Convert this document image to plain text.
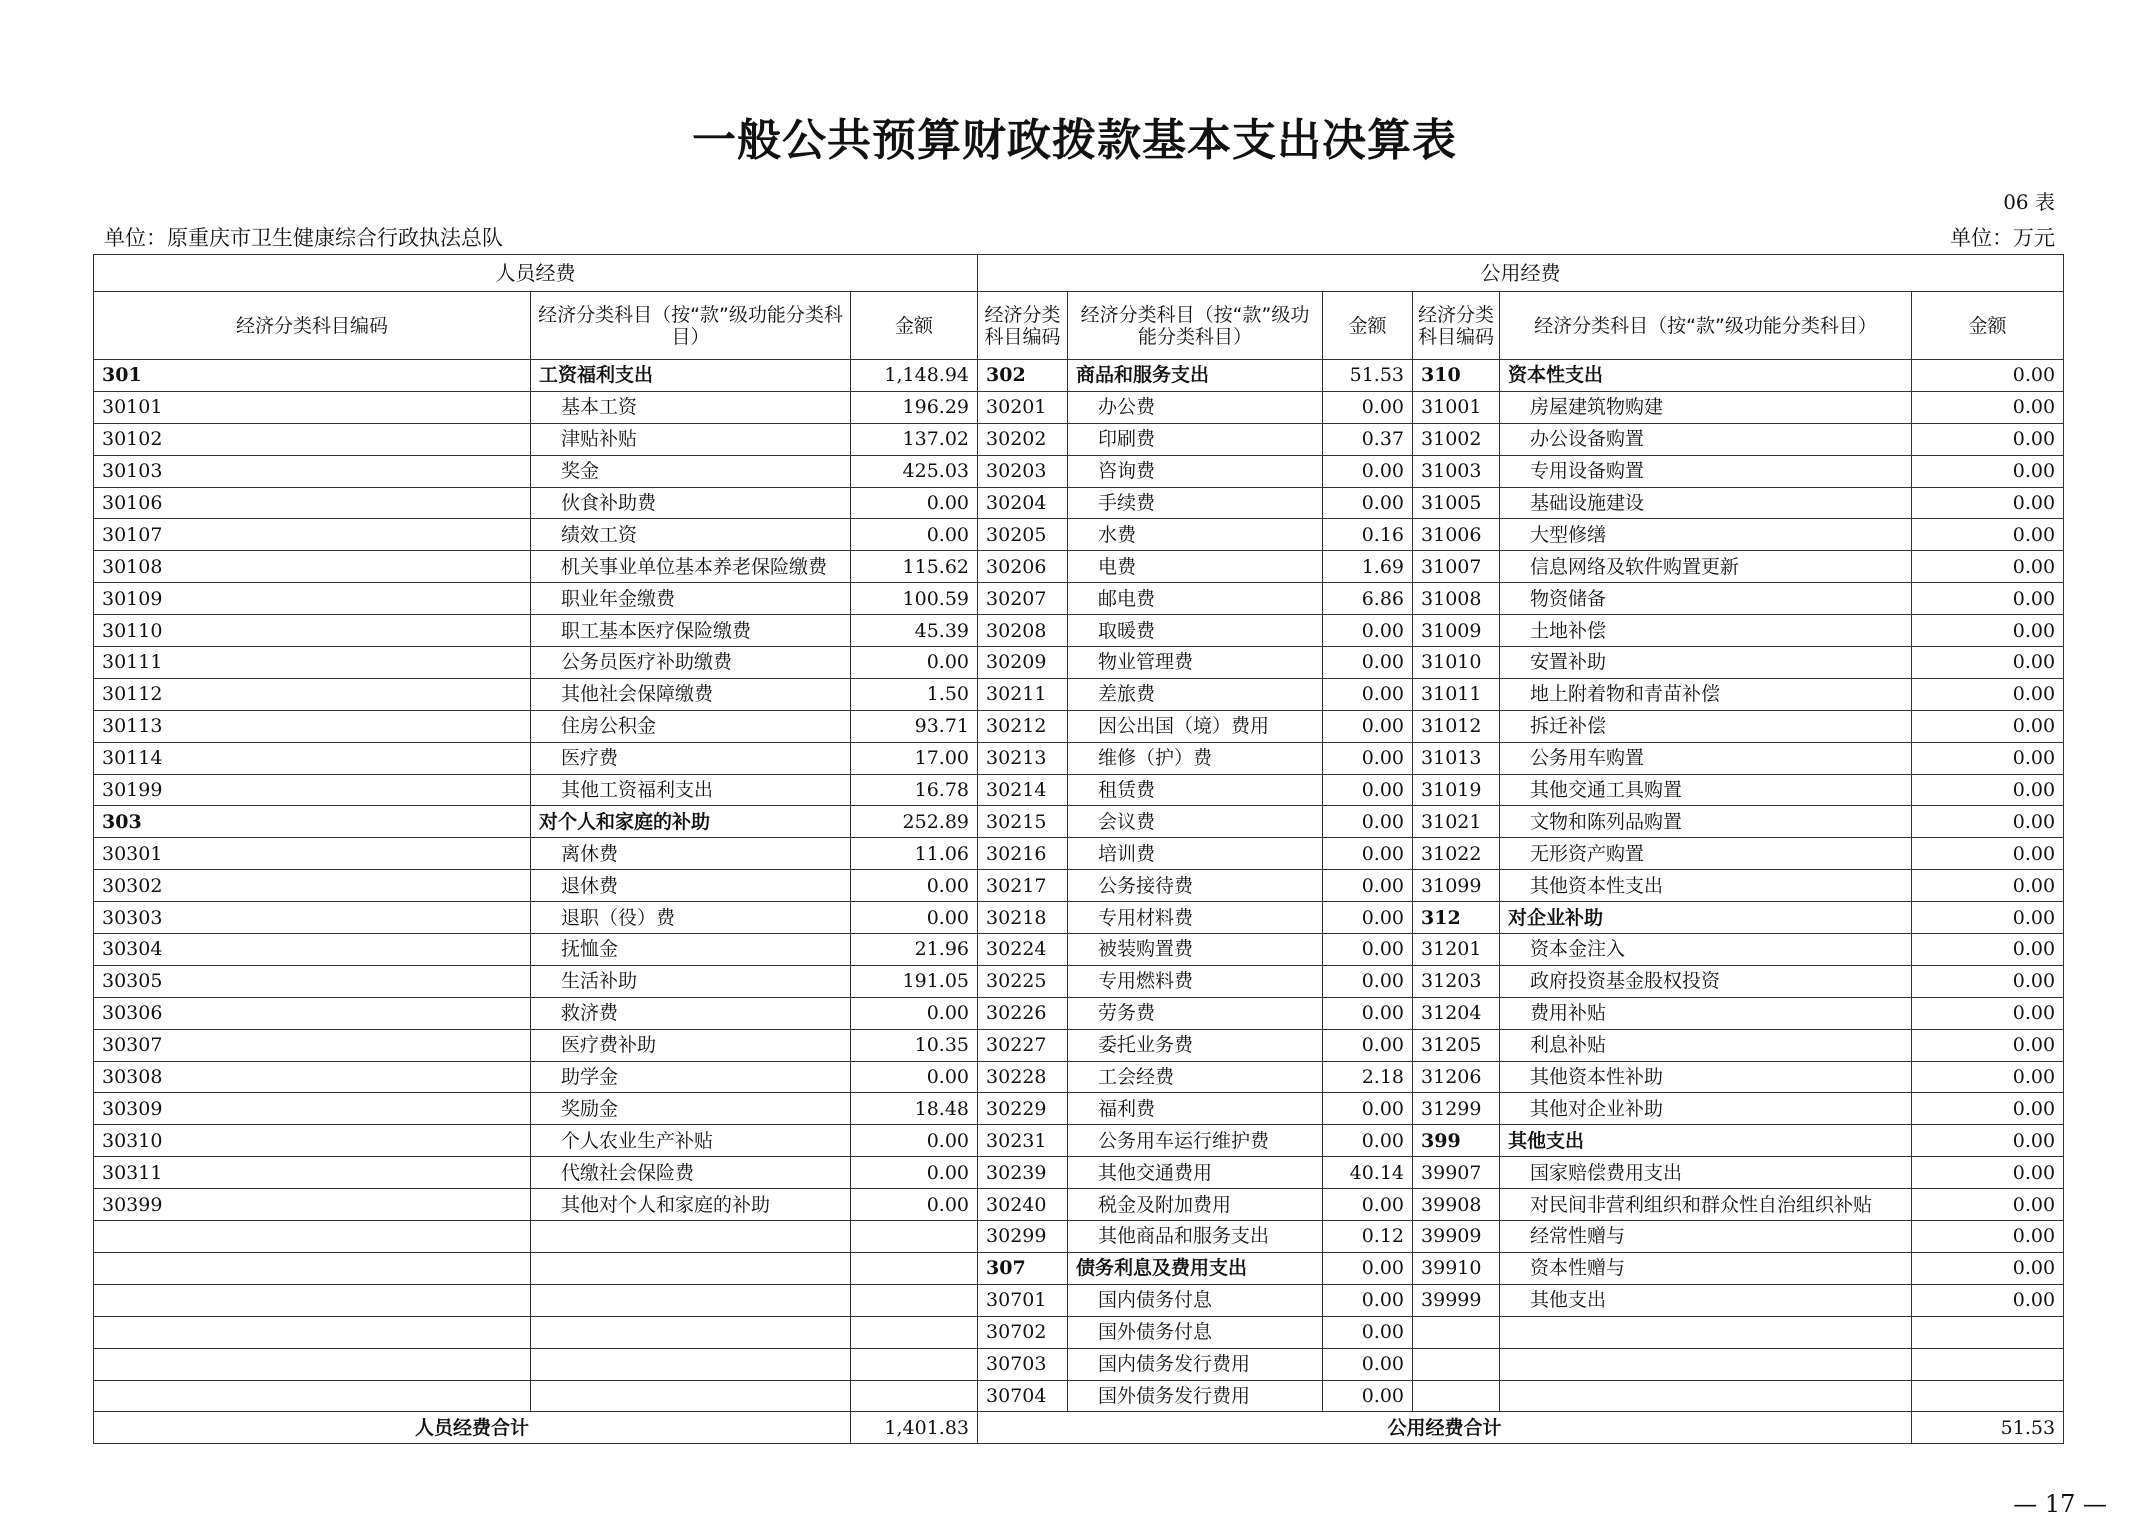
一般公共预算财政拨款基本支出决算表
06 表
单位：原重庆市卫生健康综合行政执法总队	单位：万元
人员经费			公用经费					
经济分类科目编码	经济分类科目（按“款”级功能分类科目）	金额	经济分类科目编码	经济分类科目（按“款”级功能分类科目）	金额	经济分类科目编码	经济分类科目（按“款”级功能分类科目）	金额
301	工资福利支出	1,148.94	302	商品和服务支出	51.53	310	资本性支出	0.00
30101	基本工资	196.29	30201	办公费	0.00	31001	房屋建筑物购建	0.00
30102	津贴补贴	137.02	30202	印刷费	0.37	31002	办公设备购置	0.00
30103	奖金	425.03	30203	咨询费	0.00	31003	专用设备购置	0.00
30106	伙食补助费	0.00	30204	手续费	0.00	31005	基础设施建设	0.00
30107	绩效工资	0.00	30205	水费	0.16	31006	大型修缮	0.00
30108	机关事业单位基本养老保险缴费	115.62	30206	电费	1.69	31007	信息网络及软件购置更新	0.00
30109	职业年金缴费	100.59	30207	邮电费	6.86	31008	物资储备	0.00
30110	职工基本医疗保险缴费	45.39	30208	取暖费	0.00	31009	土地补偿	0.00
30111	公务员医疗补助缴费	0.00	30209	物业管理费	0.00	31010	安置补助	0.00
30112	其他社会保障缴费	1.50	30211	差旅费	0.00	31011	地上附着物和青苗补偿	0.00
30113	住房公积金	93.71	30212	因公出国（境）费用	0.00	31012	拆迁补偿	0.00
30114	医疗费	17.00	30213	维修（护）费	0.00	31013	公务用车购置	0.00
30199	其他工资福利支出	16.78	30214	租赁费	0.00	31019	其他交通工具购置	0.00
303	对个人和家庭的补助	252.89	30215	会议费	0.00	31021	文物和陈列品购置	0.00
30301	离休费	11.06	30216	培训费	0.00	31022	无形资产购置	0.00
30302	退休费	0.00	30217	公务接待费	0.00	31099	其他资本性支出	0.00
30303	退职（役）费	0.00	30218	专用材料费	0.00	312	对企业补助	0.00
30304	抚恤金	21.96	30224	被装购置费	0.00	31201	资本金注入	0.00
30305	生活补助	191.05	30225	专用燃料费	0.00	31203	政府投资基金股权投资	0.00
30306	救济费	0.00	30226	劳务费	0.00	31204	费用补贴	0.00
30307	医疗费补助	10.35	30227	委托业务费	0.00	31205	利息补贴	0.00
30308	助学金	0.00	30228	工会经费	2.18	31206	其他资本性补助	0.00
30309	奖励金	18.48	30229	福利费	0.00	31299	其他对企业补助	0.00
30310	个人农业生产补贴	0.00	30231	公务用车运行维护费	0.00	399	其他支出	0.00
30311	代缴社会保险费	0.00	30239	其他交通费用	40.14	39907	国家赔偿费用支出	0.00
30399	其他对个人和家庭的补助	0.00	30240	税金及附加费用	0.00	39908	对民间非营利组织和群众性自治组织补贴	0.00
			30299	其他商品和服务支出	0.12	39909	经常性赠与	0.00
			307	债务利息及费用支出	0.00	39910	资本性赠与	0.00
			30701	国内债务付息	0.00	39999	其他支出	0.00
			30702	国外债务付息	0.00			
			30703	国内债务发行费用	0.00			
			30704	国外债务发行费用	0.00			
人员经费合计		1,401.83	公用经费合计					51.53
— 17 —
